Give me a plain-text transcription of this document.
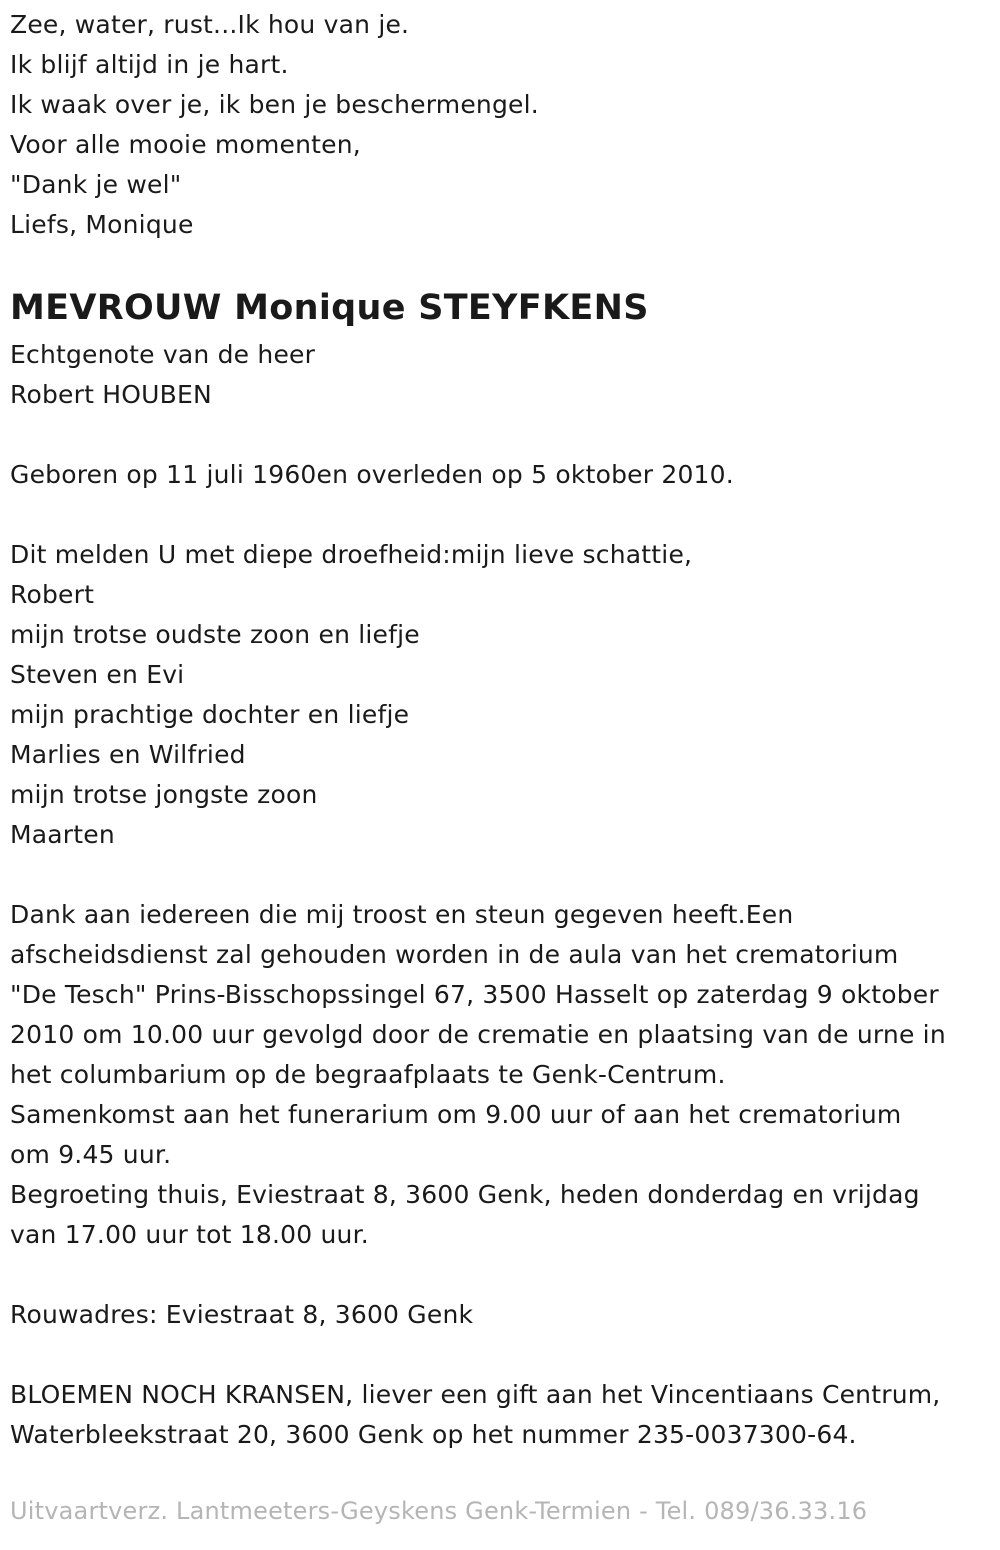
Zee, water, rust...Ik hou van je.
Ik blijf altijd in je hart.
Ik waak over je, ik ben je beschermengel.
Voor alle mooie momenten,
"Dank je wel"
Liefs, Monique
MEVROUW Monique STEYFKENS
Echtgenote van de heer
Robert HOUBEN
Geboren op 11 juli 1960en overleden op 5 oktober 2010.
Dit melden U met diepe droefheid:mijn lieve schattie,
Robert
mijn trotse oudste zoon en liefje
Steven en Evi
mijn prachtige dochter en liefje
Marlies en Wilfried
mijn trotse jongste zoon
Maarten
Dank aan iedereen die mij troost en steun gegeven heeft.Een
afscheidsdienst zal gehouden worden in de aula van het crematorium
"De Tesch" Prins-Bisschopssingel 67, 3500 Hasselt op zaterdag 9 oktober
2010 om 10.00 uur gevolgd door de crematie en plaatsing van de urne in
het columbarium op de begraafplaats te Genk-Centrum.
Samenkomst aan het funerarium om 9.00 uur of aan het crematorium
om 9.45 uur.
Begroeting thuis, Eviestraat 8, 3600 Genk, heden donderdag en vrijdag
van 17.00 uur tot 18.00 uur.
Rouwadres: Eviestraat 8, 3600 Genk
BLOEMEN NOCH KRANSEN, liever een gift aan het Vincentiaans Centrum,
Waterbleekstraat 20, 3600 Genk op het nummer 235-0037300-64.
Uitvaartverz. Lantmeeters-Geyskens Genk-Termien - Tel. 089/36.33.16
